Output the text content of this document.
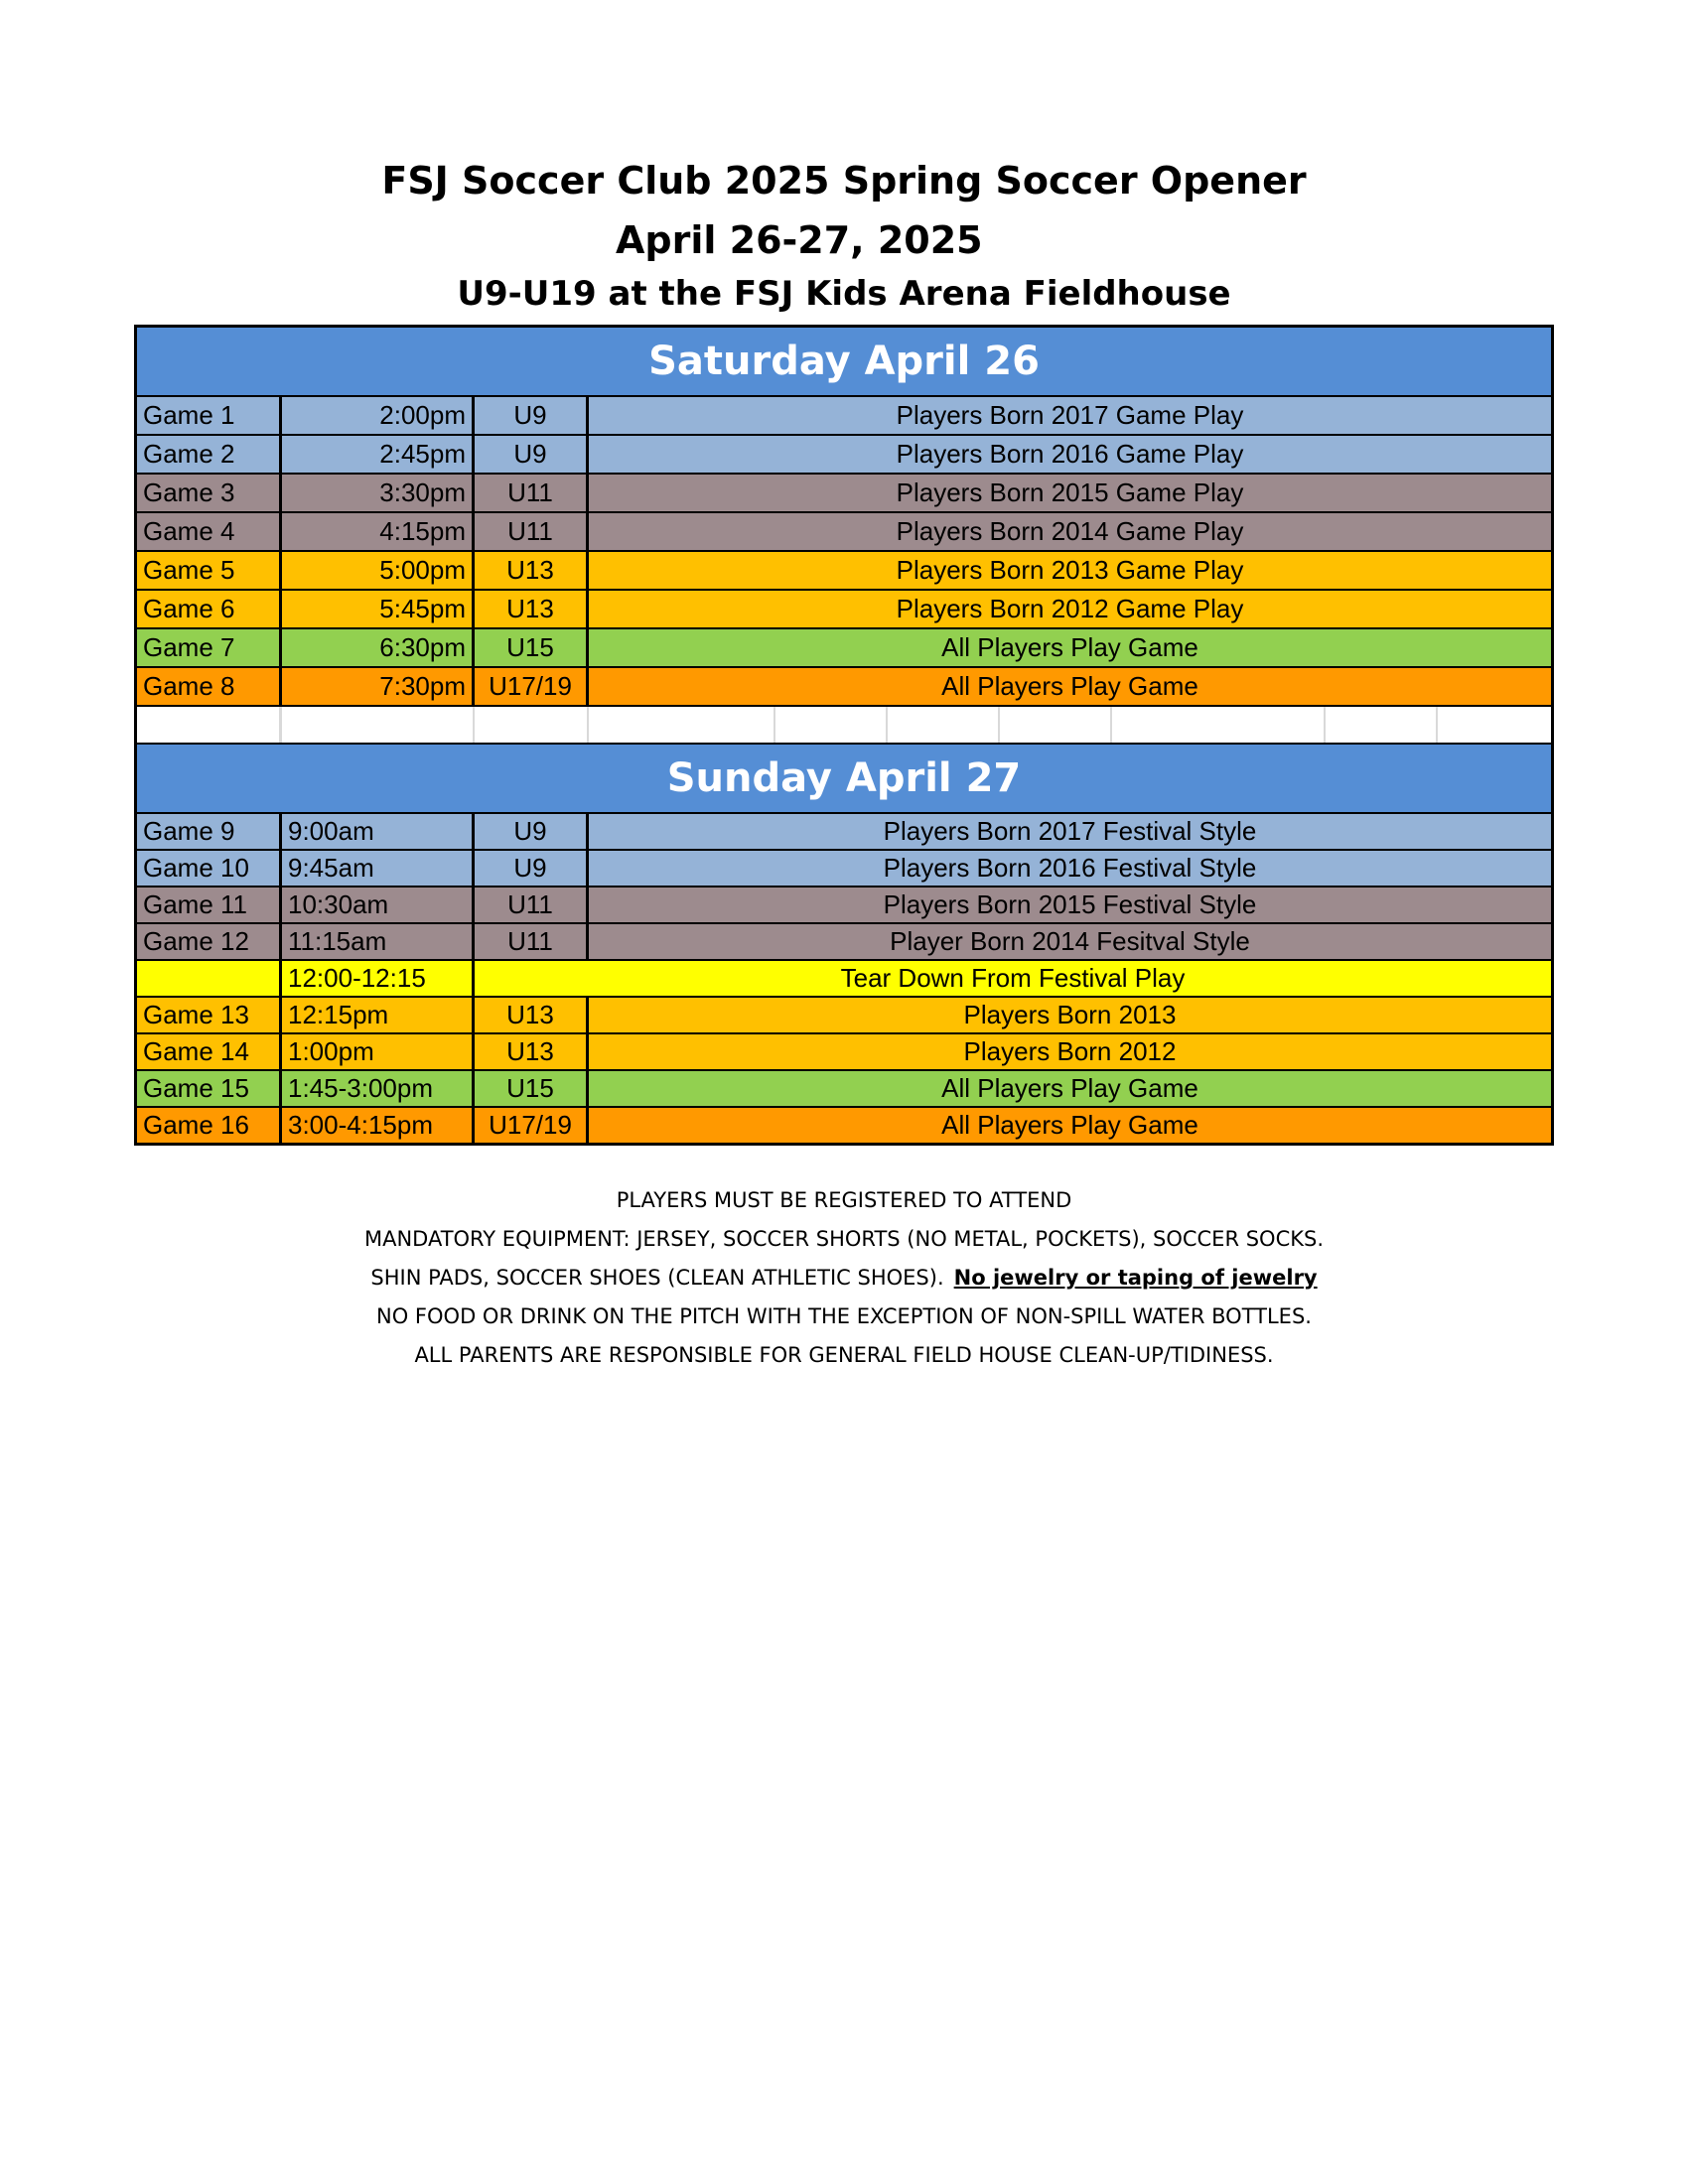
FSJ Soccer Club 2025 Spring Soccer Opener
April 26-27, 2025
U9-U19 at the FSJ Kids Arena Fieldhouse
Saturday April 26
Game 1	2:00pm	U9	Players Born 2017 Game Play
Game 2	2:45pm	U9	Players Born 2016 Game Play
Game 3	3:30pm	U11	Players Born 2015 Game Play
Game 4	4:15pm	U11	Players Born 2014 Game Play
Game 5	5:00pm	U13	Players Born 2013 Game Play
Game 6	5:45pm	U13	Players Born 2012 Game Play
Game 7	6:30pm	U15	All Players Play Game
Game 8	7:30pm U17/19	All Players Play Game
Sunday April 27
Game 9	9:00am	U9	Players Born 2017 Festival Style
Game 10	9:45am	U9	Players Born 2016 Festival Style
Game 11	10:30am	U11	Players Born 2015 Festival Style
Game 12	11:15am	U11	Player Born 2014 Fesitval Style
12:00-12:15	Tear Down From Festival Play
Game 13	12:15pm	U13	Players Born 2013
Game 14	1:00pm	U13	Players Born 2012
Game 15	1:45-3:00pm	U15	All Players Play Game
Game 16	3:00-4:15pm	U17/19	All Players Play Game
PLAYERS MUST BE REGISTERED TO ATTEND
MANDATORY EQUIPMENT: JERSEY, SOCCER SHORTS (NO METAL, POCKETS), SOCCER SOCKS.
SHIN PADS, SOCCER SHOES (CLEAN ATHLETIC SHOES). No jewelry or taping of jewelry
NO FOOD OR DRINK ON THE PITCH WITH THE EXCEPTION OF NON-SPILL WATER BOTTLES.
ALL PARENTS ARE RESPONSIBLE FOR GENERAL FIELD HOUSE CLEAN-UP/TIDINESS.
